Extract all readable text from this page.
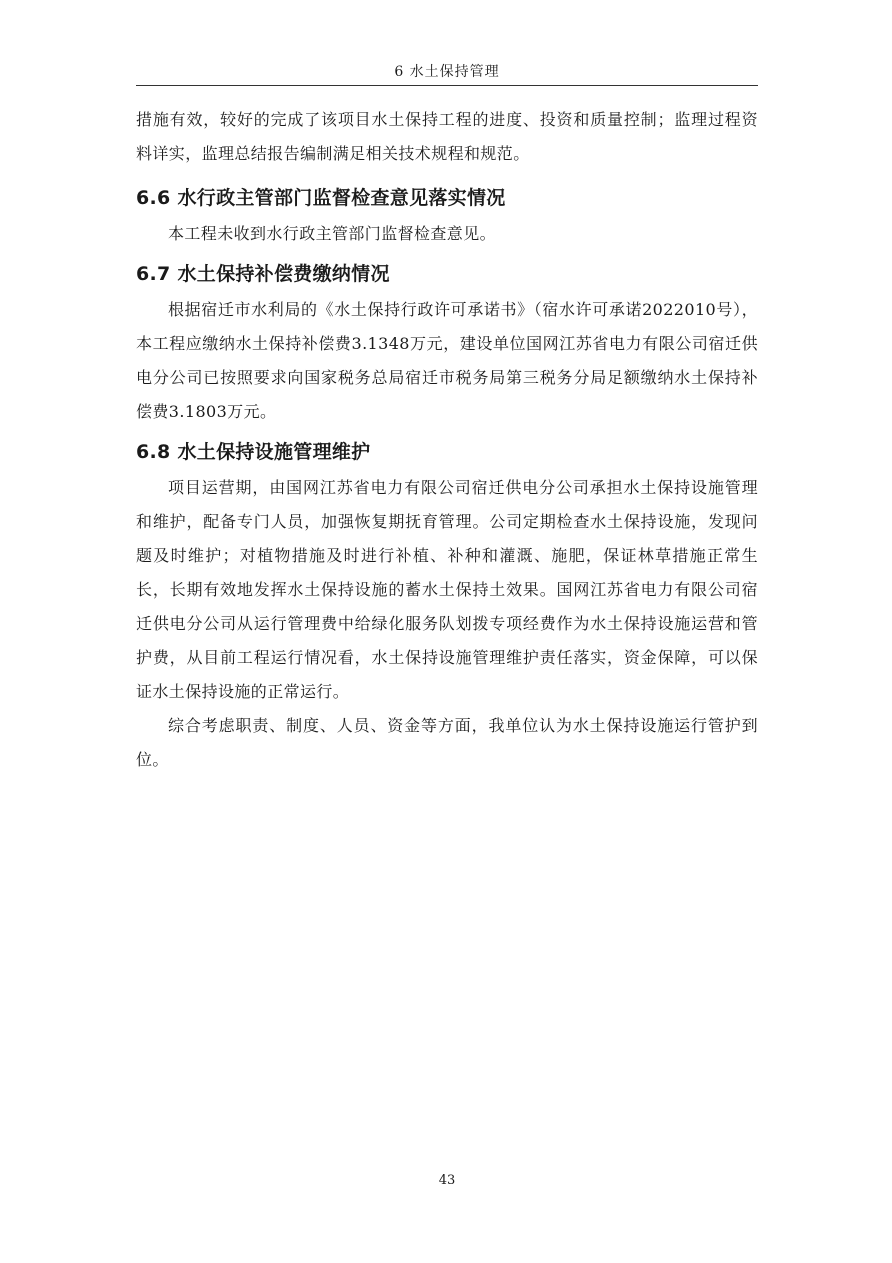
6 水土保持管理

措施有效，较好的完成了该项目水土保持工程的进度、投资和质量控制；监理过程资料详实，监理总结报告编制满足相关技术规程和规范。

6.6 水行政主管部门监督检查意见落实情况

本工程未收到水行政主管部门监督检查意见。

6.7 水土保持补偿费缴纳情况

根据宿迁市水利局的《水土保持行政许可承诺书》（宿水许可承诺2022010号），本工程应缴纳水土保持补偿费3.1348万元，建设单位国网江苏省电力有限公司宿迁供电分公司已按照要求向国家税务总局宿迁市税务局第三税务分局足额缴纳水土保持补偿费3.1803万元。

6.8 水土保持设施管理维护

项目运营期，由国网江苏省电力有限公司宿迁供电分公司承担水土保持设施管理和维护，配备专门人员，加强恢复期抚育管理。公司定期检查水土保持设施，发现问题及时维护；对植物措施及时进行补植、补种和灌溉、施肥，保证林草措施正常生长，长期有效地发挥水土保持设施的蓄水土保持土效果。国网江苏省电力有限公司宿迁供电分公司从运行管理费中给绿化服务队划拨专项经费作为水土保持设施运营和管护费，从目前工程运行情况看，水土保持设施管理维护责任落实，资金保障，可以保证水土保持设施的正常运行。

综合考虑职责、制度、人员、资金等方面，我单位认为水土保持设施运行管护到位。

43
